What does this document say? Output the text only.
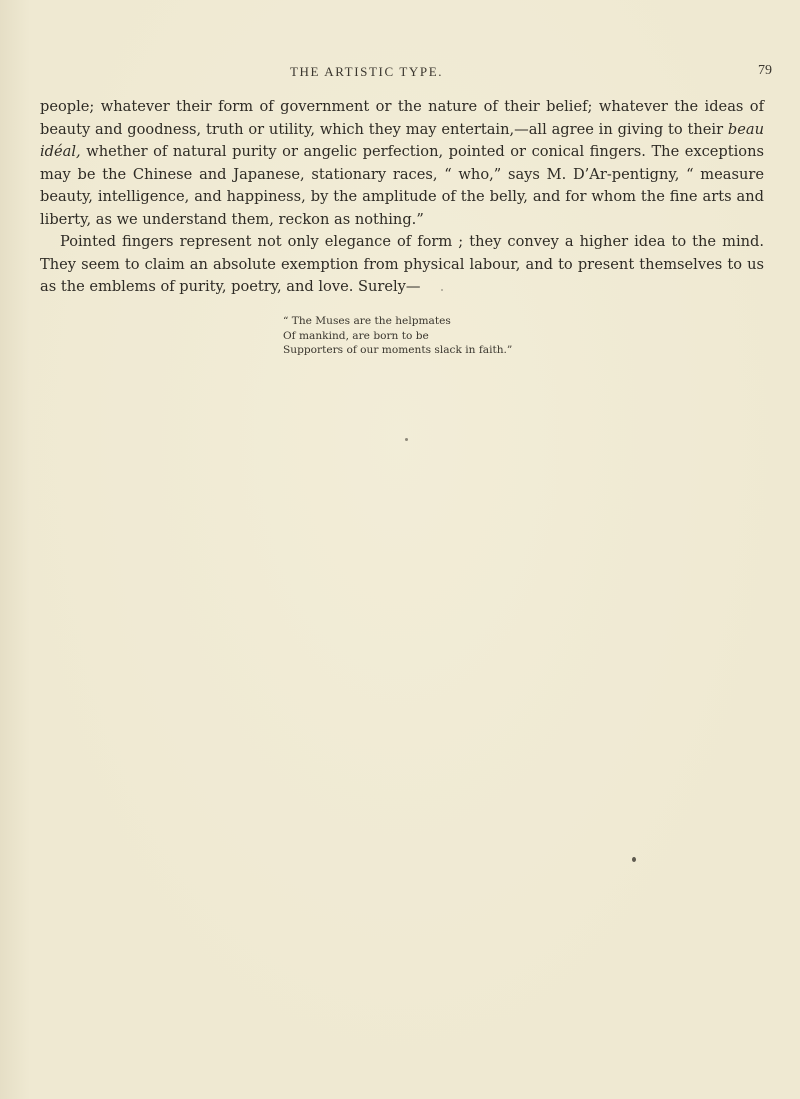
THE ARTISTIC TYPE.	79

people; whatever their form of government or the nature of their belief; whatever the ideas of beauty and goodness, truth or utility, which they may entertain,—all agree in giving to their beau idéal, whether of natural purity or angelic perfection, pointed or conical fingers. The exceptions may be the Chinese and Japanese, stationary races, “ who,” says M. D’Ar-pentigny, “ measure beauty, intelligence, and happiness, by the amplitude of the belly, and for whom the fine arts and liberty, as we understand them, reckon as nothing.”

Pointed fingers represent not only elegance of form ; they convey a higher idea to the mind. They seem to claim an absolute exemption from physical labour, and to present themselves to us as the emblems of purity, poetry, and love. Surely—

“ The Muses are the helpmates
Of mankind, are born to be
Supporters of our moments slack in faith.”
